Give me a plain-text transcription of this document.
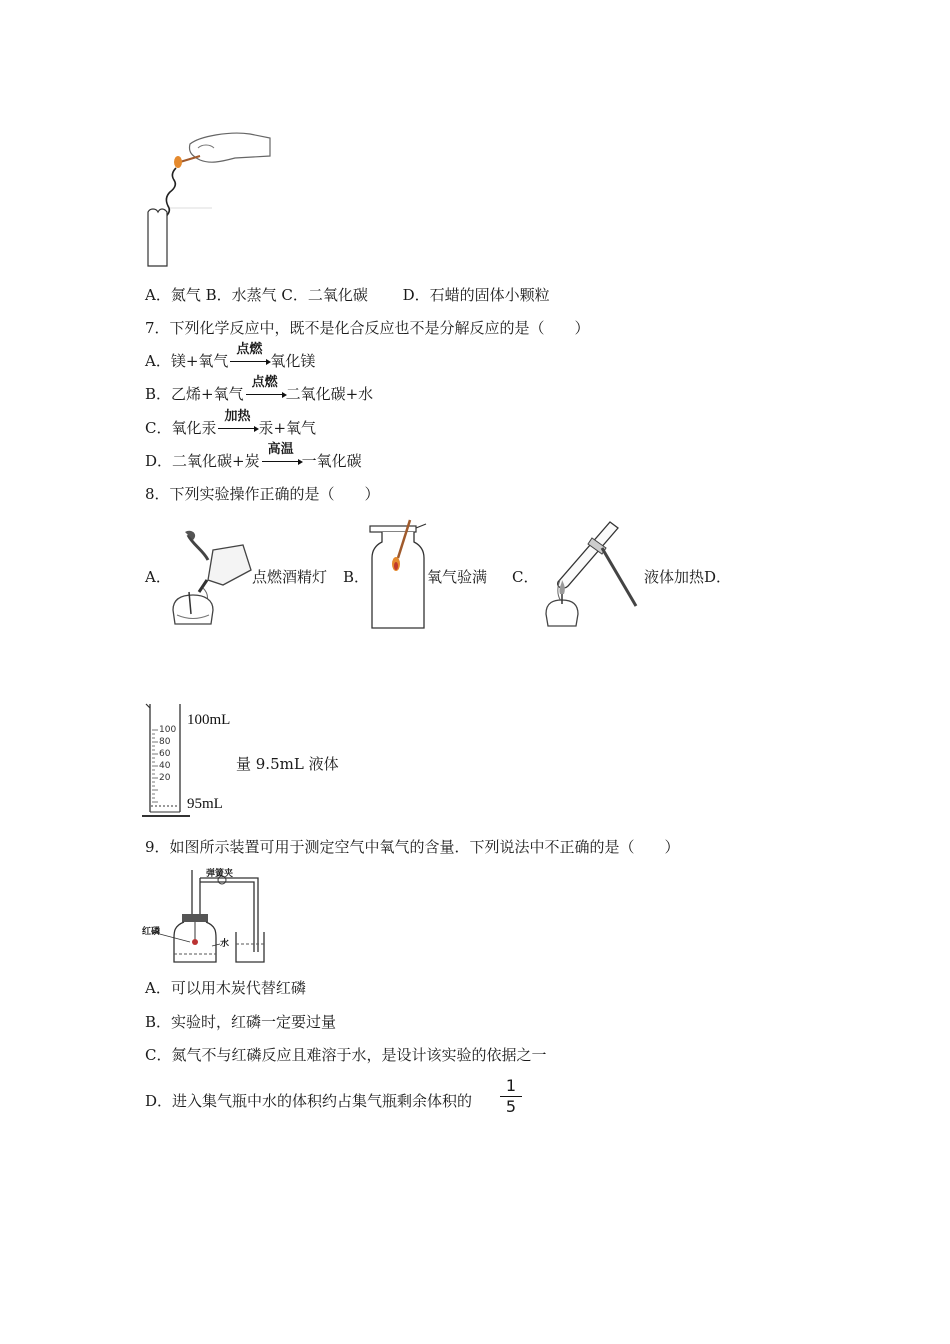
A．氮气 B．水蒸气 C．二氧化碳　　 D．石蜡的固体小颗粒
7．下列化学反应中，既不是化合反应也不是分解反应的是（　　）
A．镁+氧气
点燃
氧化镁
B．乙烯+氧气
点燃
二氧化碳+水
C．氧化汞
加热
汞+氧气
D．二氧化碳+炭
高温
一氧化碳
8．下列实验操作正确的是（　　）
A．	点燃酒精灯 B．	氧气验满 C．	液体加热 D．
100
80
60
40
20
100mL
95mL
量 9.5mL 液体
9．如图所示装置可用于测定空气中氧气的含量．下列说法中不正确的是（　　）
弹簧夹
红磷
水
A．可以用木炭代替红磷
B．实验时，红磷一定要过量
C．氮气不与红磷反应且难溶于水，是设计该实验的依据之一
D．进入集气瓶中水的体积约占集气瓶剩余体积的
1
5
